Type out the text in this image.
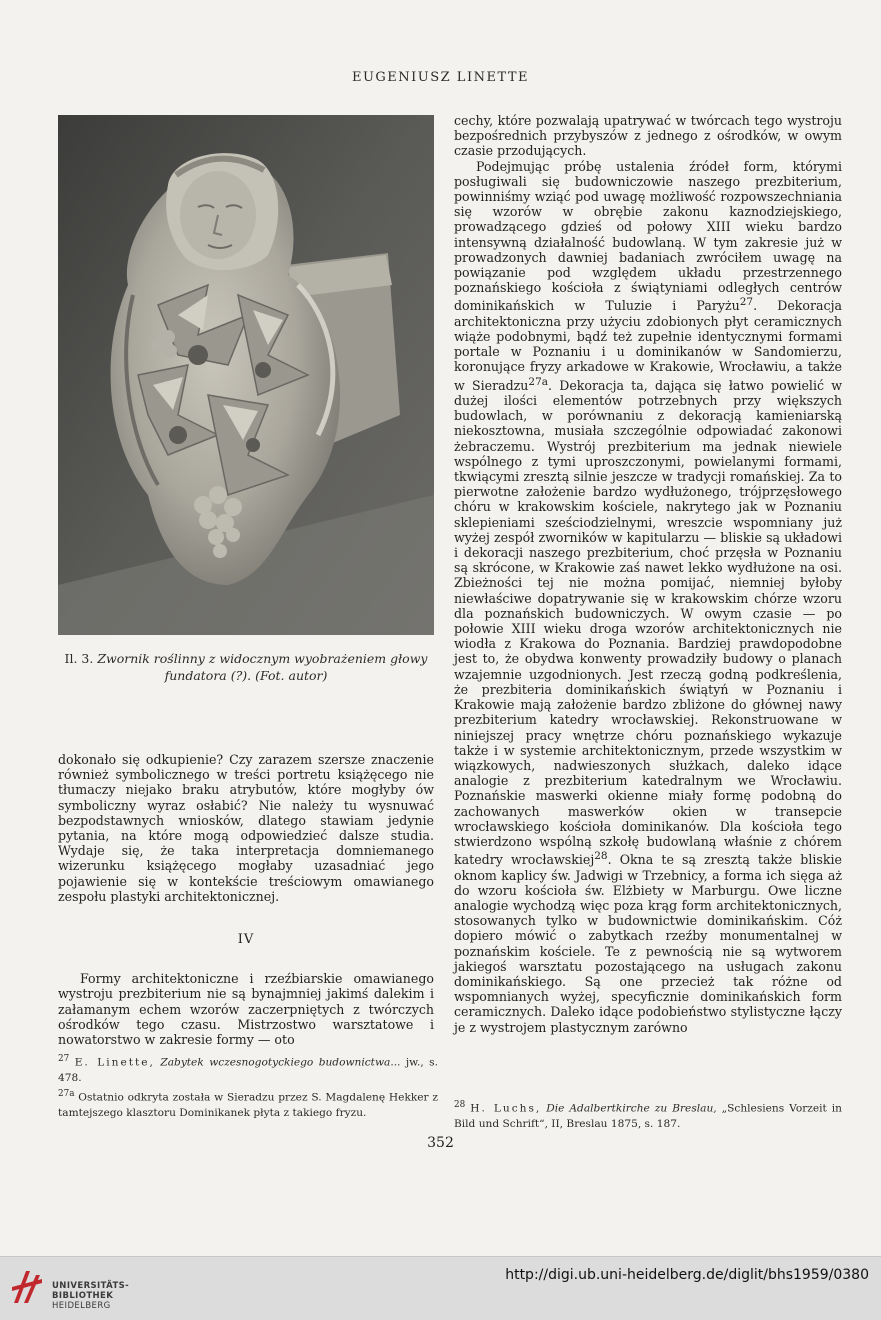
EUGENIUSZ LINETTE
Il. 3. Zwornik roślinny z widocznym wyobrażeniem głowy fundatora (?). (Fot. autor)

dokonało się odkupienie? Czy zarazem szersze znaczenie również symbolicznego w treści portretu książęcego nie tłumaczy niejako braku atrybutów, które mogłyby ów symboliczny wyraz osłabić? Nie należy tu wysnuwać bezpodstawnych wniosków, dlatego stawiam jedynie pytania, na które mogą odpowiedzieć dalsze studia. Wydaje się, że taka interpretacja domniemanego wizerunku książęcego mogłaby uzasadniać jego pojawienie się w kontekście treściowym omawianego zespołu plastyki architektonicznej.

IV

Formy architektoniczne i rzeźbiarskie omawianego wystroju prezbiterium nie są bynajmniej jakimś dalekim i załamanym echem wzorów zaczerpniętych z twórczych ośrodków tego czasu. Mistrzostwo warsztatowe i nowatorstwo w zakresie formy — oto

cechy, które pozwalają upatrywać w twórcach tego wystroju bezpośrednich przybyszów z jednego z ośrodków, w owym czasie przodujących.

Podejmując próbę ustalenia źródeł form, którymi posługiwali się budowniczowie naszego prezbiterium, powinniśmy wziąć pod uwagę możliwość rozpowszechniania się wzorów w obrębie zakonu kaznodziejskiego, prowadzącego gdzieś od połowy XIII wieku bardzo intensywną działalność budowlaną. W tym zakresie już w prowadzonych dawniej badaniach zwróciłem uwagę na powiązanie pod względem układu przestrzennego poznańskiego kościoła z świątyniami odległych centrów dominikańskich w Tuluzie i Paryżu$^{27}$. Dekoracja architektoniczna przy użyciu zdobionych płyt ceramicznych wiąże podobnymi, bądź też zupełnie identycznymi formami portale w Poznaniu i u dominikanów w Sandomierzu, koronujące fryzy arkadowe w Krakowie, Wrocławiu, a także w Sieradzu$^{27a}$. Dekoracja ta, dająca się łatwo powielić w dużej ilości elementów potrzebnych przy większych budowlach, w porównaniu z dekoracją kamieniarską niekosztowna, musiała szczególnie odpowiadać zakonowi żebraczemu. Wystrój prezbiterium ma jednak niewiele wspólnego z tymi uproszczonymi, powielanymi formami, tkwiącymi zresztą silnie jeszcze w tradycji romańskiej. Za to pierwotne założenie bardzo wydłużonego, trójprzęsłowego chóru w krakowskim kościele, nakrytego jak w Poznaniu sklepieniami sześciodzielnymi, wreszcie wspomniany już wyżej zespół zworników w kapitularzu — bliskie są układowi i dekoracji naszego prezbiterium, choć przęsła w Poznaniu są skrócone, w Krakowie zaś nawet lekko wydłużone na osi. Zbieżności tej nie można pomijać, niemniej byłoby niewłaściwe dopatrywanie się w krakowskim chórze wzoru dla poznańskich budowniczych. W owym czasie — po połowie XIII wieku droga wzorów architektonicznych nie wiodła z Krakowa do Poznania. Bardziej prawdopodobne jest to, że obydwa konwenty prowadziły budowy o planach wzajemnie uzgodnionych. Jest rzeczą godną podkreślenia, że prezbiteria dominikańskich świątyń w Poznaniu i Krakowie mają założenie bardzo zbliżone do głównej nawy prezbiterium katedry wrocławskiej. Rekonstruowane w niniejszej pracy wnętrze chóru poznańskiego wykazuje także i w systemie architektonicznym, przede wszystkim w wiązkowych, nadwieszonych służkach, daleko idące analogie z prezbiterium katedralnym we Wrocławiu. Poznańskie maswerki okienne miały formę podobną do zachowanych maswerków okien w transepcie wrocławskiego kościoła dominikanów. Dla kościoła tego stwierdzono wspólną szkołę budowlaną właśnie z chórem katedry wrocławskiej$^{28}$. Okna te są zresztą także bliskie oknom kaplicy św. Jadwigi w Trzebnicy, a forma ich sięga aż do wzoru kościoła św. Elżbiety w Marburgu. Owe liczne analogie wychodzą więc poza krąg form architektonicznych, stosowanych tylko w budownictwie dominikańskim. Cóż dopiero mówić o zabytkach rzeźby monumentalnej w poznańskim kościele. Te z pewnością nie są wytworem jakiegoś warsztatu pozostającego na usługach zakonu dominikańskiego. Są one przecież tak różne od wspomnianych wyżej, specyficznie dominikańskich form ceramicznych. Daleko idące podobieństwo stylistyczne łączy je z wystrojem plastycznym zarówno

$^{27}$ E. Linette, Zabytek wczesnogotyckiego budownictwa... jw., s. 478.

$^{27a}$ Ostatnio odkryta została w Sieradzu przez S. Magdalenę Hekker z tamtejszego klasztoru Dominikanek płyta z takiego fryzu.

$^{28}$ H. Luchs, Die Adalbertkirche zu Breslau, „Schlesiens Vorzeit in Bild und Schrift“, II, Breslau 1875, s. 187.

352
UNIVERSITÄTS-
BIBLIOTHEK
HEIDELBERG
http://digi.ub.uni-heidelberg.de/diglit/bhs1959/0380
